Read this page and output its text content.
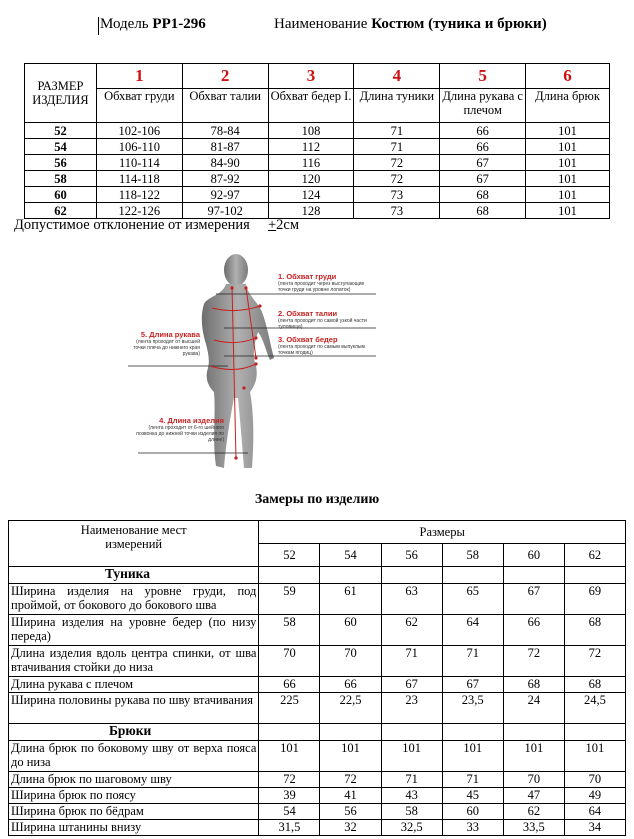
Модель PP1-296	Наименование Костюм (туника и брюки)
РАЗМЕР ИЗДЕЛИЯ	1	2	3	4	5	6
	Обхват груди	Обхват талии	Обхват бедер I.	Длина туники	Длина рукава с плечом	Длина брюк
52	102-106	78-84	108	71	66	101
54	106-110	81-87	112	71	66	101
56	110-114	84-90	116	72	67	101
58	114-118	87-92	120	72	67	101
60	118-122	92-97	124	73	68	101
62	122-126	97-102	128	73	68	101
Допустимое отклонение от измерения +2см
1. Обхват груди
(лента проходит через выступающие точки груди на уровне лопаток)
2. Обхват талии
(лента проходит по самой узкой части туловища)
3. Обхват бедер
(лента проходит по самым выпуклым точкам ягодиц)
4. Длина изделия
(лента проходит от 6-го шейного позвонка до нижней точки изделия по длине)
5. Длина рукава
(лента проходит от высшей точки плеча до нижнего края рукава)
Замеры по изделию
Наименование мест измерений	Размеры					
	52	54	56	58	60	62
Туника						
Ширина изделия на уровне груди, под проймой, от бокового до бокового шва	59	61	63	65	67	69
Ширина изделия на уровне бедер (по низу переда)	58	60	62	64	66	68
Длина изделия вдоль центра спинки, от шва втачивания стойки до низа	70	70	71	71	72	72
Длина рукава с плечом	66	66	67	67	68	68
Ширина половины рукава по шву втачивания	225	22,5	23	23,5	24	24,5
Брюки						
Длина брюк по боковому шву от верха пояса до низа	101	101	101	101	101	101
Длина брюк по шаговому шву	72	72	71	71	70	70
Ширина брюк по поясу	39	41	43	45	47	49
Ширина брюк по бёдрам	54	56	58	60	62	64
Ширина штанины внизу	31,5	32	32,5	33	33,5	34
